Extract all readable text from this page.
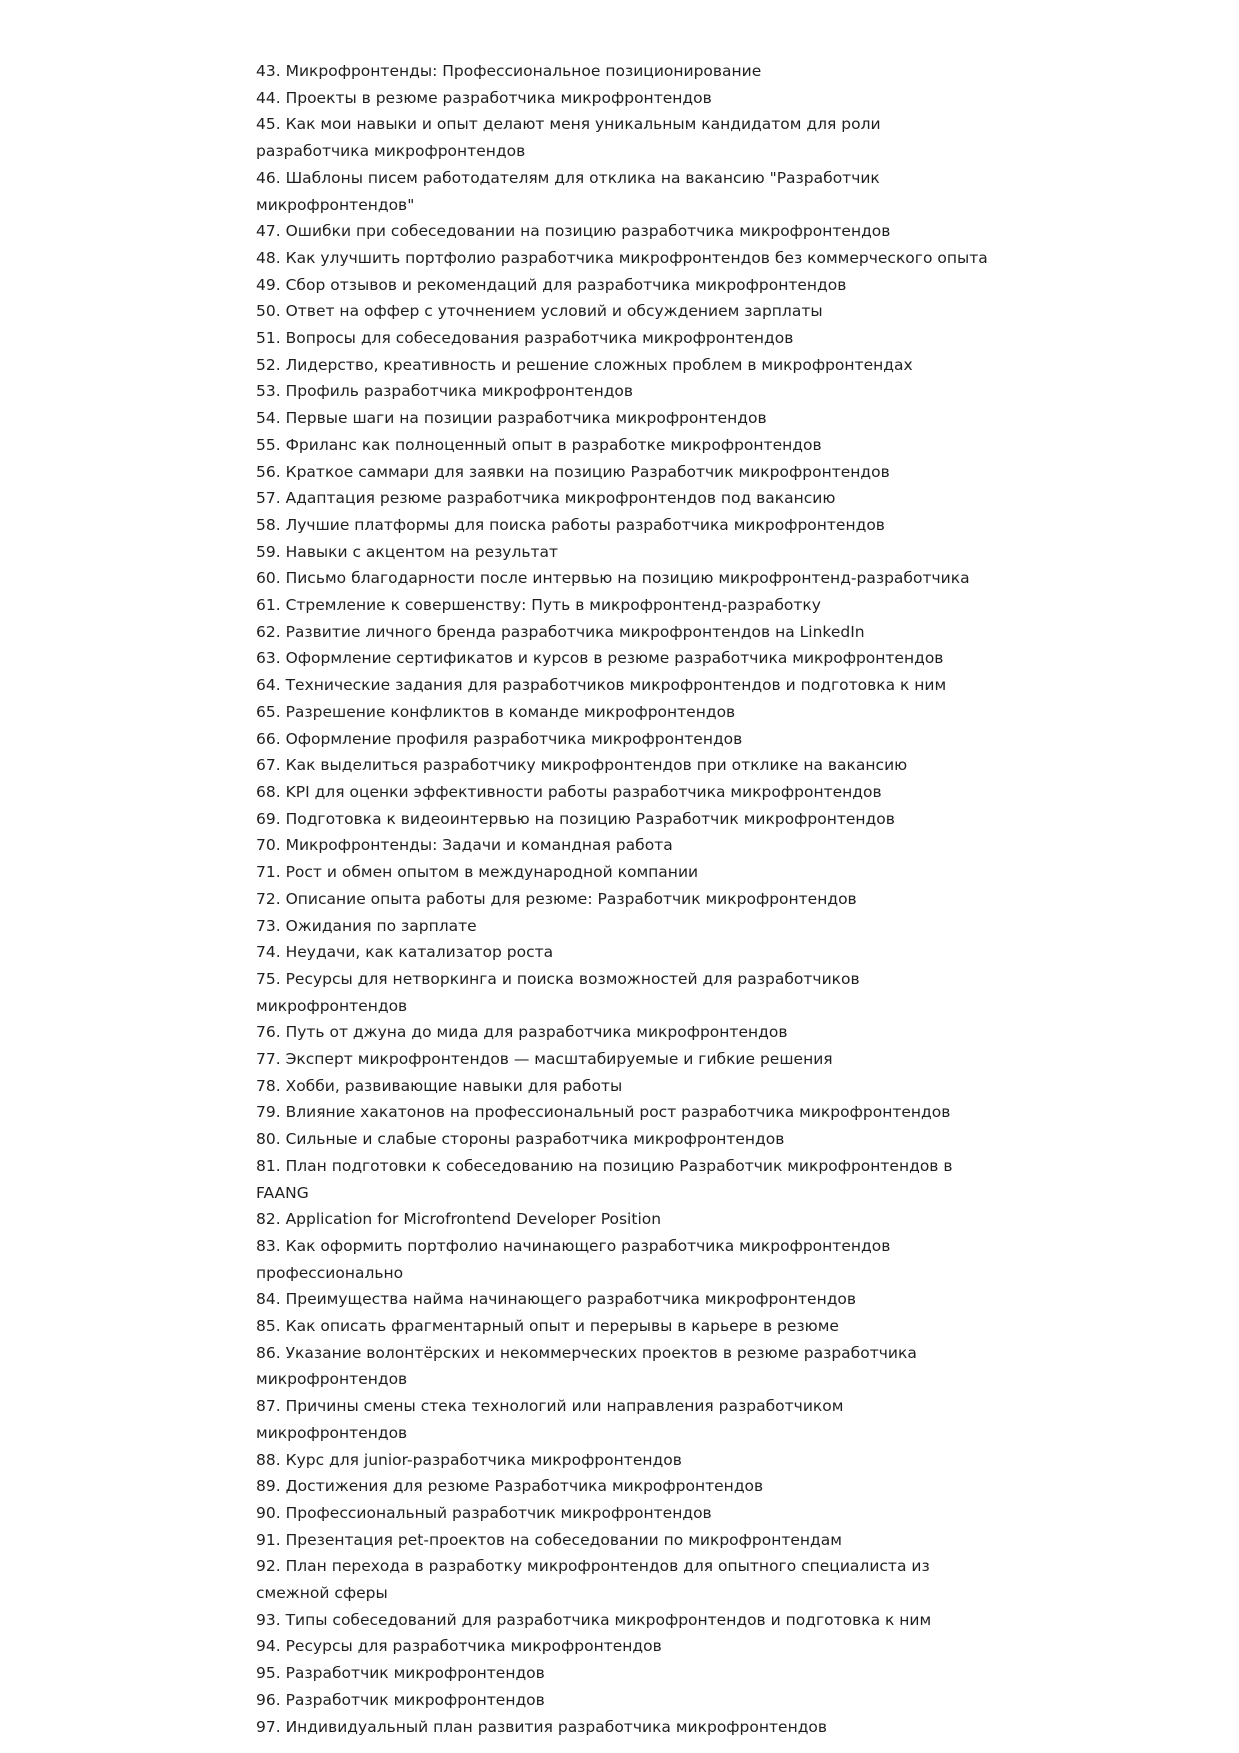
43. Микрофронтенды: Профессиональное позиционирование
44. Проекты в резюме разработчика микрофронтендов
45. Как мои навыки и опыт делают меня уникальным кандидатом для роли разработчика микрофронтендов
46. Шаблоны писем работодателям для отклика на вакансию "Разработчик микрофронтендов"
47. Ошибки при собеседовании на позицию разработчика микрофронтендов
48. Как улучшить портфолио разработчика микрофронтендов без коммерческого опыта
49. Сбор отзывов и рекомендаций для разработчика микрофронтендов
50. Ответ на оффер с уточнением условий и обсуждением зарплаты
51. Вопросы для собеседования разработчика микрофронтендов
52. Лидерство, креативность и решение сложных проблем в микрофронтендах
53. Профиль разработчика микрофронтендов
54. Первые шаги на позиции разработчика микрофронтендов
55. Фриланс как полноценный опыт в разработке микрофронтендов
56. Краткое саммари для заявки на позицию Разработчик микрофронтендов
57. Адаптация резюме разработчика микрофронтендов под вакансию
58. Лучшие платформы для поиска работы разработчика микрофронтендов
59. Навыки с акцентом на результат
60. Письмо благодарности после интервью на позицию микрофронтенд-разработчика
61. Стремление к совершенству: Путь в микрофронтенд-разработку
62. Развитие личного бренда разработчика микрофронтендов на LinkedIn
63. Оформление сертификатов и курсов в резюме разработчика микрофронтендов
64. Технические задания для разработчиков микрофронтендов и подготовка к ним
65. Разрешение конфликтов в команде микрофронтендов
66. Оформление профиля разработчика микрофронтендов
67. Как выделиться разработчику микрофронтендов при отклике на вакансию
68. KPI для оценки эффективности работы разработчика микрофронтендов
69. Подготовка к видеоинтервью на позицию Разработчик микрофронтендов
70. Микрофронтенды: Задачи и командная работа
71. Рост и обмен опытом в международной компании
72. Описание опыта работы для резюме: Разработчик микрофронтендов
73. Ожидания по зарплате
74. Неудачи, как катализатор роста
75. Ресурсы для нетворкинга и поиска возможностей для разработчиков микрофронтендов
76. Путь от джуна до мида для разработчика микрофронтендов
77. Эксперт микрофронтендов — масштабируемые и гибкие решения
78. Хобби, развивающие навыки для работы
79. Влияние хакатонов на профессиональный рост разработчика микрофронтендов
80. Сильные и слабые стороны разработчика микрофронтендов
81. План подготовки к собеседованию на позицию Разработчик микрофронтендов в FAANG
82. Application for Microfrontend Developer Position
83. Как оформить портфолио начинающего разработчика микрофронтендов профессионально
84. Преимущества найма начинающего разработчика микрофронтендов
85. Как описать фрагментарный опыт и перерывы в карьере в резюме
86. Указание волонтёрских и некоммерческих проектов в резюме разработчика микрофронтендов
87. Причины смены стека технологий или направления разработчиком микрофронтендов
88. Курс для junior-разработчика микрофронтендов
89. Достижения для резюме Разработчика микрофронтендов
90. Профессиональный разработчик микрофронтендов
91. Презентация pet-проектов на собеседовании по микрофронтендам
92. План перехода в разработку микрофронтендов для опытного специалиста из смежной сферы
93. Типы собеседований для разработчика микрофронтендов и подготовка к ним
94. Ресурсы для разработчика микрофронтендов
95. Разработчик микрофронтендов
96. Разработчик микрофронтендов
97. Индивидуальный план развития разработчика микрофронтендов
